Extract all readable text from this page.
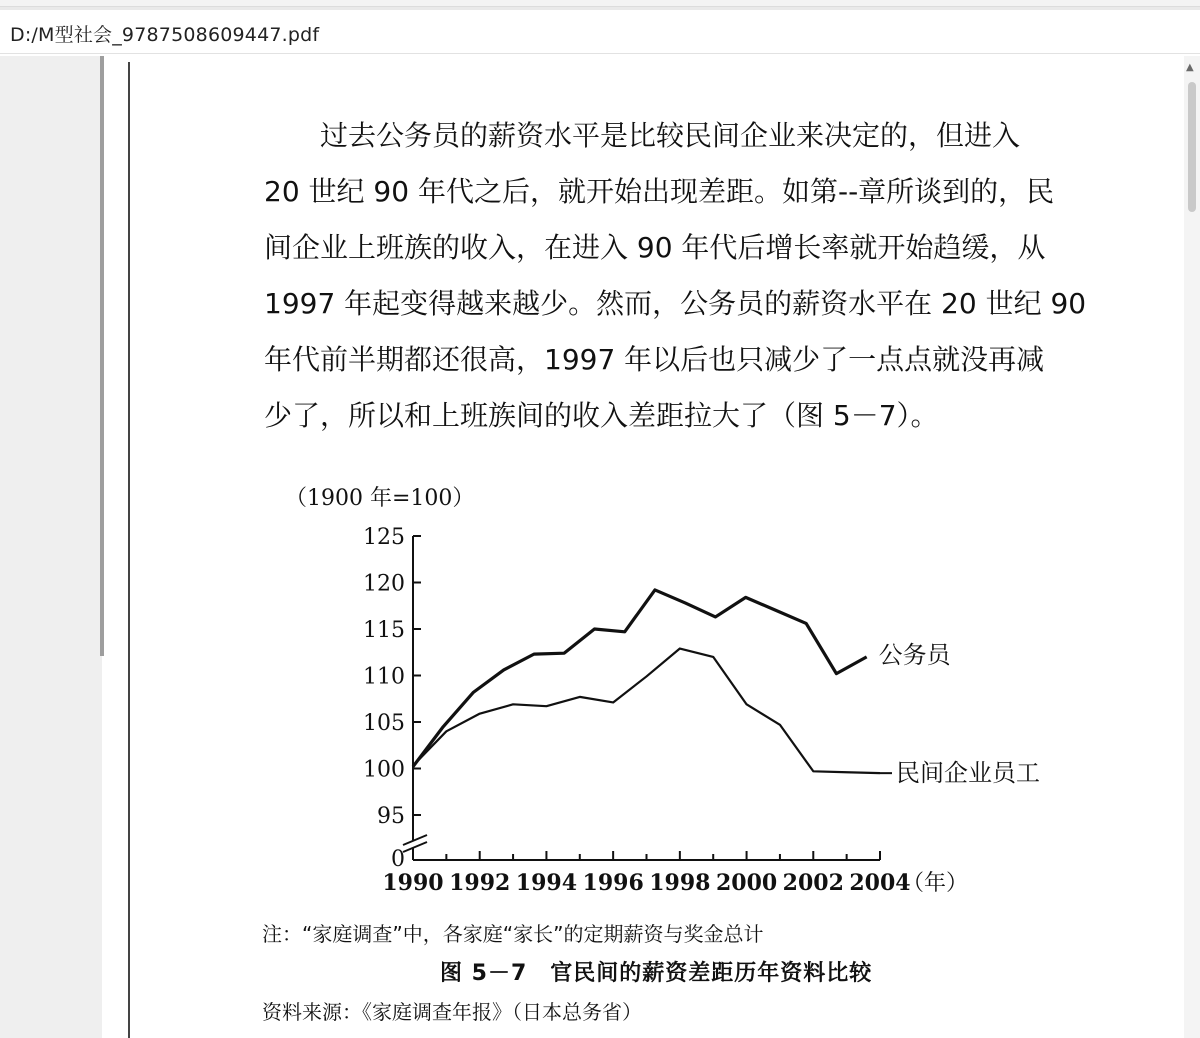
D:/M型社会_9787508609447.pdf
▲
过去公务员的薪资水平是比较民间企业来决定的，但进入
20 世纪 90 年代之后，就开始出现差距。如第--章所谈到的，民
间企业上班族的收入，在进入 90 年代后增长率就开始趋缓，从
1997 年起变得越来越少。然而，公务员的薪资水平在 20 世纪 90
年代前半期都还很高，1997 年以后也只减少了一点点就没再减
少了，所以和上班族间的收入差距拉大了（图 5－7）。
（1900 年=100）
95
100
105
110
115
120
125
0
1990 1992 1994 1996 1998 2000 2002 2004
（年）
公务员
民间企业员工
注：“家庭调查”中，各家庭“家长”的定期薪资与奖金总计
图 5－7　官民间的薪资差距历年资料比较
资料来源：《家庭调查年报》（日本总务省）
